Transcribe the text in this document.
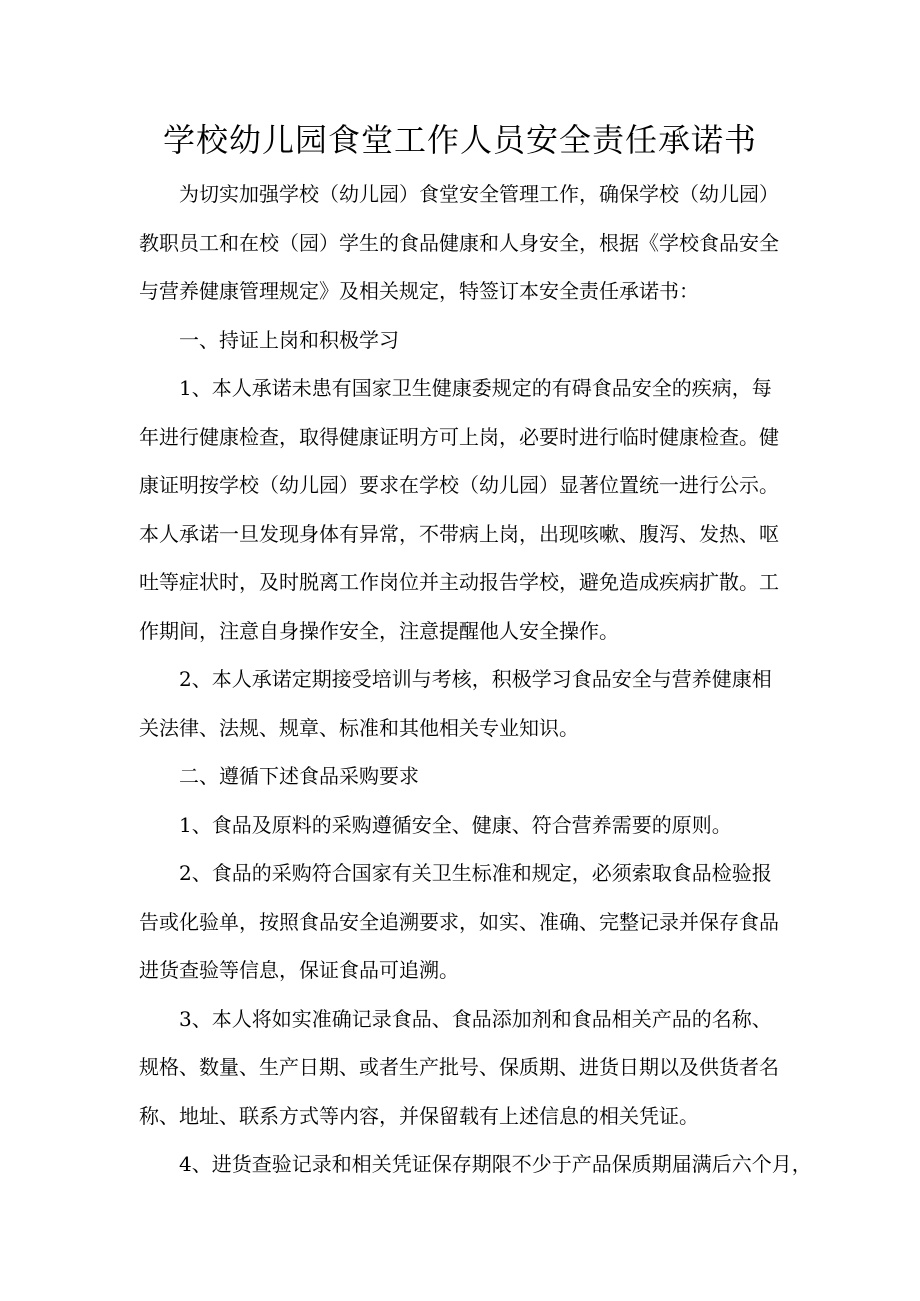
学校幼儿园食堂工作人员安全责任承诺书
为切实加强学校（幼儿园）食堂安全管理工作，确保学校（幼儿园）
教职员工和在校（园）学生的食品健康和人身安全，根据《学校食品安全
与营养健康管理规定》及相关规定，特签订本安全责任承诺书：
一、持证上岗和积极学习
1、本人承诺未患有国家卫生健康委规定的有碍食品安全的疾病，每
年进行健康检查，取得健康证明方可上岗，必要时进行临时健康检查。健
康证明按学校（幼儿园）要求在学校（幼儿园）显著位置统一进行公示。
本人承诺一旦发现身体有异常，不带病上岗，出现咳嗽、腹泻、发热、呕
吐等症状时，及时脱离工作岗位并主动报告学校，避免造成疾病扩散。工
作期间，注意自身操作安全，注意提醒他人安全操作。
2、本人承诺定期接受培训与考核，积极学习食品安全与营养健康相
关法律、法规、规章、标准和其他相关专业知识。
二、遵循下述食品采购要求
1、食品及原料的采购遵循安全、健康、符合营养需要的原则。
2、食品的采购符合国家有关卫生标准和规定，必须索取食品检验报
告或化验单，按照食品安全追溯要求，如实、准确、完整记录并保存食品
进货查验等信息，保证食品可追溯。
3、本人将如实准确记录食品、食品添加剂和食品相关产品的名称、
规格、数量、生产日期、或者生产批号、保质期、进货日期以及供货者名
称、地址、联系方式等内容，并保留载有上述信息的相关凭证。
4、进货查验记录和相关凭证保存期限不少于产品保质期届满后六个月，
